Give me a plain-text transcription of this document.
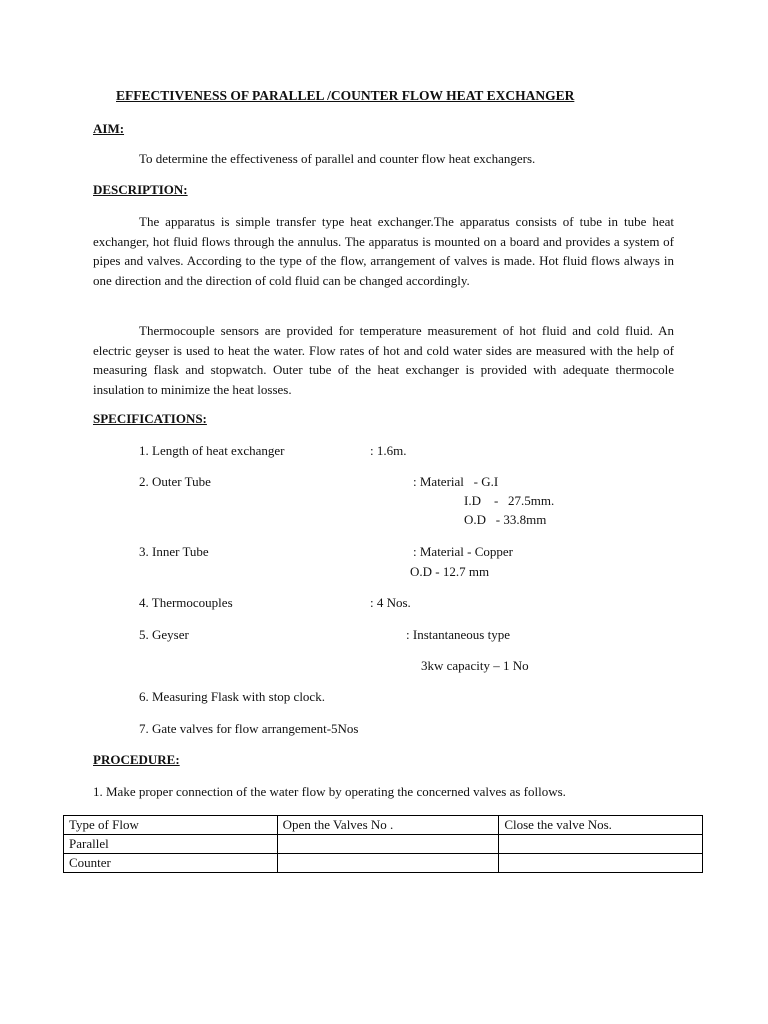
EFFECTIVENESS OF PARALLEL /COUNTER FLOW HEAT EXCHANGER
AIM:
To determine the effectiveness of parallel and counter flow heat exchangers.
DESCRIPTION:

The apparatus is simple transfer type heat exchanger.The apparatus consists of tube in tube heat exchanger, hot fluid flows through the annulus. The apparatus is mounted on a board and provides a system of pipes and valves. According to the type of the flow, arrangement of valves is made. Hot fluid flows always in one direction and the direction of cold fluid can be changed accordingly.

Thermocouple sensors are provided for temperature measurement of hot fluid and cold fluid. An electric geyser is used to heat the water. Flow rates of hot and cold water sides are measured with the help of measuring flask and stopwatch. Outer tube of the heat exchanger is provided with adequate thermocole insulation to minimize the heat losses.

SPECIFICATIONS:
1. Length of heat exchanger	: 1.6m.
2. Outer Tube	: Material   - G.I
I.D    -   27.5mm.
O.D   - 33.8mm
3. Inner Tube	: Material - Copper
O.D - 12.7 mm
4. Thermocouples	: 4 Nos.
5. Geyser	: Instantaneous type
3kw capacity – 1 No
6. Measuring Flask with stop clock.
7. Gate valves for flow arrangement-5Nos
PROCEDURE:
1. Make proper connection of the water flow by operating the concerned valves as follows.
Type of Flow	Open the Valves No .	Close the valve Nos.
Parallel		
Counter		
